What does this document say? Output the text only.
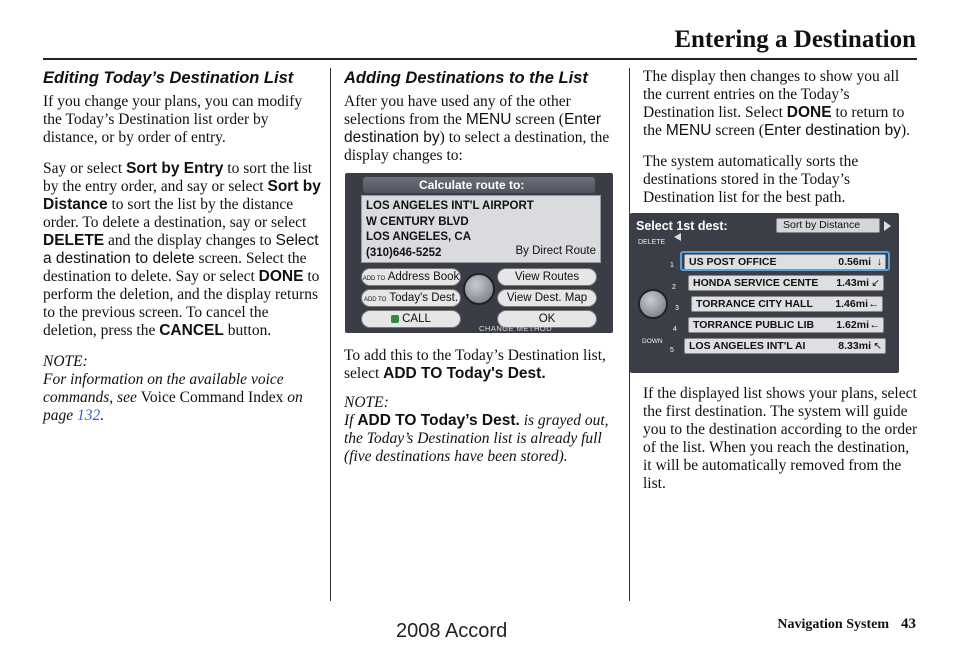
Entering a Destination
Editing Today’s Destination List

If you change your plans, you can modify the Today’s Destination list order by distance, or by order of entry.

Say or select Sort by Entry to sort the list by the entry order, and say or select Sort by Distance to sort the list by the distance order. To delete a destination, say or select DELETE and the display changes to Select a destination to delete screen. Select the destination to delete. Say or select DONE to perform the deletion, and the display returns to the previous screen. To cancel the deletion, press the CANCEL button.

NOTE:

For information on the available voice commands, see Voice Command Index on page 132.

Adding Destinations to the List

After you have used any of the other selections from the MENU screen (Enter destination by) to select a destination, the display changes to:

Calculate route to:
LOS ANGELES INT'L AIRPORT
W CENTURY BLVD
LOS ANGELES, CA
(310)646-5252	By Direct Route
ADD TO Address Book	View Routes
ADD TO Today's Dest.	View Dest. Map
CALL	OK
CHANGE METHOD

To add this to the Today’s Destination list, select ADD TO Today's Dest.

NOTE:

If ADD TO Today’s Dest. is grayed out, the Today’s Destination list is already full (five destinations have been stored).

The display then changes to show you all the current entries on the Today’s Destination list. Select DONE to return to the MENU screen (Enter destination by).

The system automatically sorts the destinations stored in the Today’s Destination list for the best path.

Select 1st dest:	Sort by Distance
DELETE
DOWN
1	US POST OFFICE	0.56mi ↓
2	HONDA SERVICE CENTE 1.43mi ↙
3	TORRANCE CITY HALL 1.46mi ←
4	TORRANCE PUBLIC LIB 1.62mi ←
5	LOS ANGELES INT'L AI	8.33mi ↖

If the displayed list shows your plans, select the first destination. The system will guide you to the destination according to the order of the list. When you reach the destination, it will be automatically removed from the list.

2008 Accord	Navigation System 43
